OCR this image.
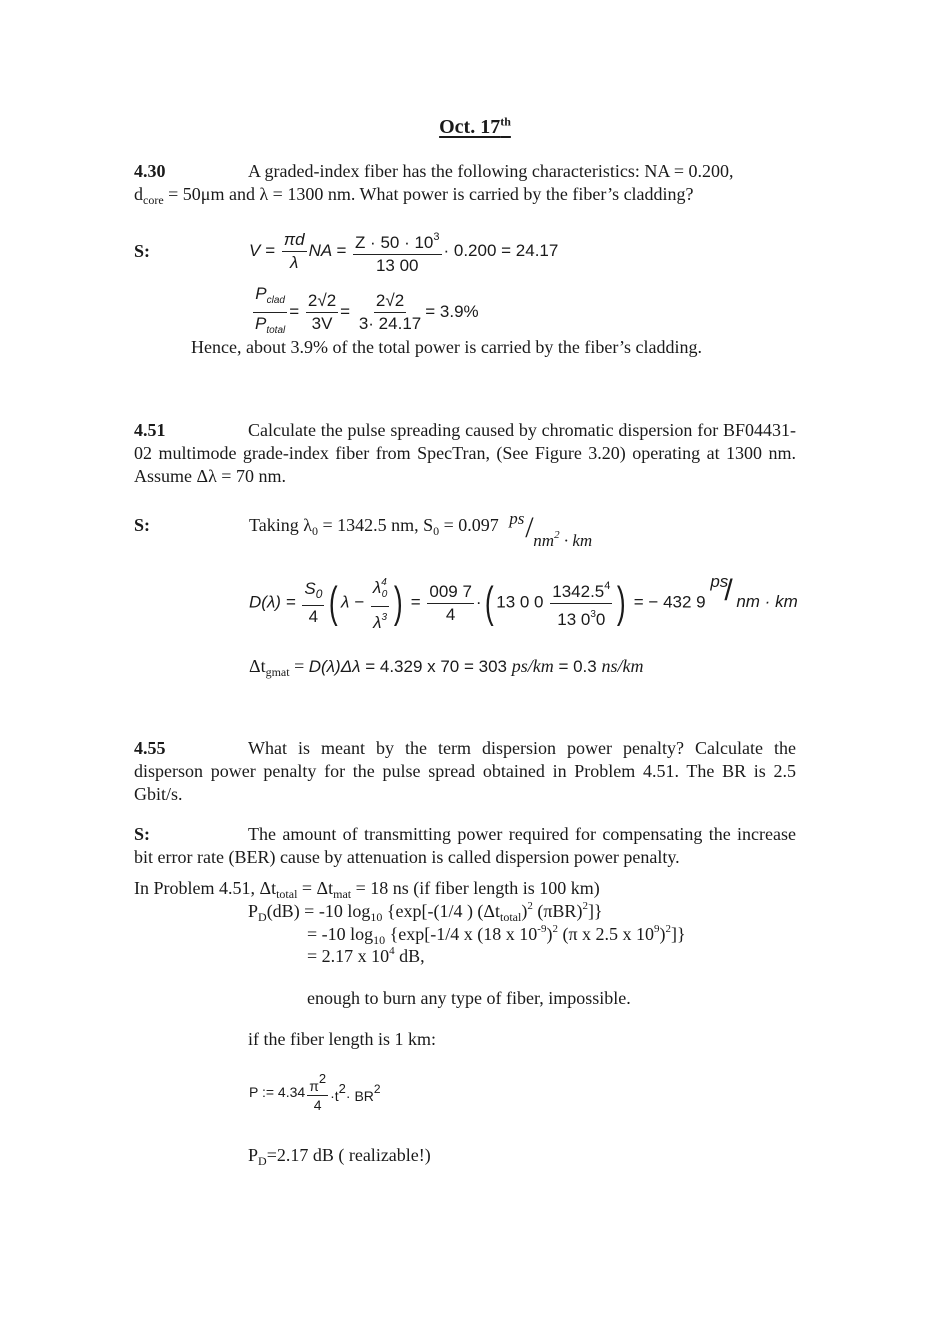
Oct. 17th
4.30	A graded-index fiber has the following characteristics: NA = 0.200,
$d_{core} = 50\mu m$ and λ = 1300 nm. What power is carried by the fiber’s cladding?
S:	$V = \frac{\pi d}{\lambda}$ NA = $\frac{Z \cdot 50 \cdot 10^3}{13 00} \cdot 0.200 = 24.17$
$\frac{P_{clad}}{P_{total}} = \frac{2√2}{3V} = \frac{2√2}{3\cdot 24.17} = 3.9\%$
Hence, about 3.9% of the total power is carried by the fiber’s cladding.
4.51	Calculate the pulse spreading caused by chromatic dispersion for BF04431-02 multimode grade-index fiber from SpecTran, (See Figure 3.20) operating at 1300 nm. Assume Δλ = 70 nm.
S:	Taking $\lambda_0 = 1342.5$ nm, $S_0 = 0.097$ ps / $nm^2$ · km
$D(\lambda) = \frac{S_0}{4}$ ( $\lambda - \frac{\lambda^4_0}{\lambda^3}$ ) = $\frac{009 7}{4}$ ·( 13 0 $0 \frac{1342.5^4}{13 0^30}$ ) = − 432 9
ps
/ nm · km
$\Delta t_{gmat} = D(\lambda)\Delta\lambda = 4.329$ x 70 = 303 ps/km = 0.3 ns/km
4.55	What is meant by the term dispersion power penalty? Calculate the disperson power penalty for the pulse spread obtained in Problem 4.51. The BR is 2.5 Gbit/s.
S:	The amount of transmitting power required for compensating the increase bit error rate (BER) cause by attenuation is called dispersion power penalty.
In Problem 4.51, $\Delta t_{total} = \Delta t_{mat} = 18$ ns (if fiber length is 100 km)
$P_D(dB) = -10$ $\log_{10} \{\exp[-(1/4$ ) $(\Delta t_{total})^2$ $(\pi BR)^2$]}
= -10 $\log_{10} \{\exp[-1/4$ x (18 x $10^{-9})^2$ (π x 2.5 x $10^9)^2$]}
= 2.17 x $10^4$ dB,
enough to burn any type of fiber, impossible.
if the fiber length is 1 km:
P := $4.34 \frac{\pi 2}{4} \cdot t2\cdot BR2$
$P_D=2.17$ dB ( realizable!)
